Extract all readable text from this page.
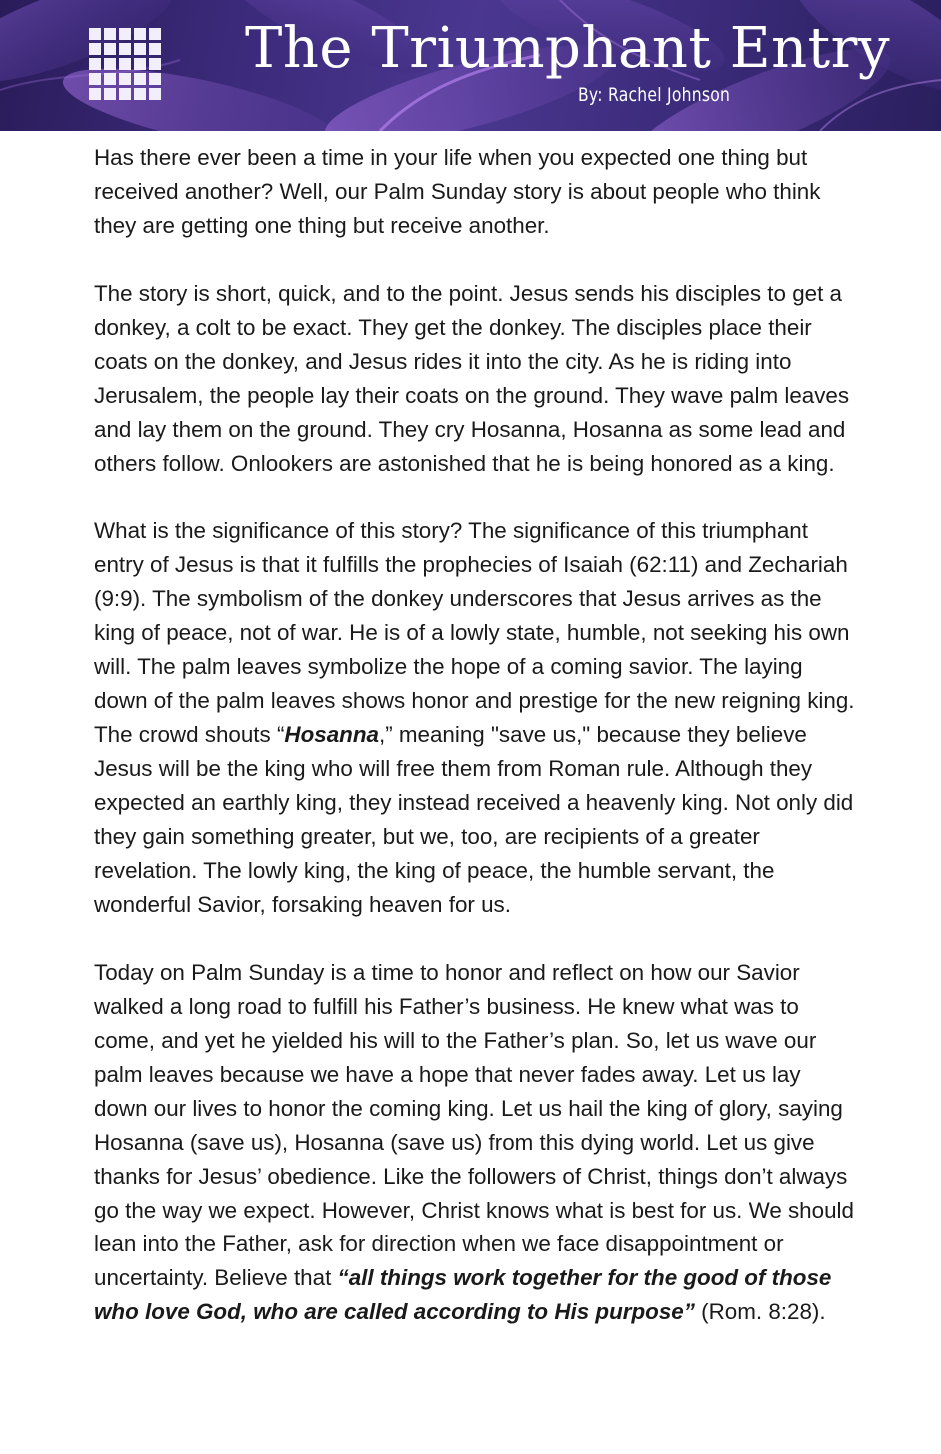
The Triumphant Entry
By: Rachel Johnson

Has there ever been a time in your life when you expected one thing but received another? Well, our Palm Sunday story is about people who think they are getting one thing but receive another.

The story is short, quick, and to the point. Jesus sends his disciples to get a donkey, a colt to be exact. They get the donkey. The disciples place their coats on the donkey, and Jesus rides it into the city. As he is riding into Jerusalem, the people lay their coats on the ground. They wave palm leaves and lay them on the ground. They cry Hosanna, Hosanna as some lead and others follow. Onlookers are astonished that he is being honored as a king.

What is the significance of this story? The significance of this triumphant entry of Jesus is that it fulfills the prophecies of Isaiah (62:11) and Zechariah (9:9). The symbolism of the donkey underscores that Jesus arrives as the king of peace, not of war. He is of a lowly state, humble, not seeking his own will. The palm leaves symbolize the hope of a coming savior. The laying down of the palm leaves shows honor and prestige for the new reigning king. The crowd shouts “Hosanna,” meaning "save us," because they believe Jesus will be the king who will free them from Roman rule. Although they expected an earthly king, they instead received a heavenly king. Not only did they gain something greater, but we, too, are recipients of a greater revelation. The lowly king, the king of peace, the humble servant, the wonderful Savior, forsaking heaven for us.

Today on Palm Sunday is a time to honor and reflect on how our Savior walked a long road to fulfill his Father’s business. He knew what was to come, and yet he yielded his will to the Father’s plan. So, let us wave our palm leaves because we have a hope that never fades away. Let us lay down our lives to honor the coming king. Let us hail the king of glory, saying Hosanna (save us), Hosanna (save us) from this dying world. Let us give thanks for Jesus’ obedience. Like the followers of Christ, things don’t always go the way we expect. However, Christ knows what is best for us. We should lean into the Father, ask for direction when we face disappointment or uncertainty. Believe that “all things work together for the good of those who love God, who are called according to His purpose” (Rom. 8:28).
